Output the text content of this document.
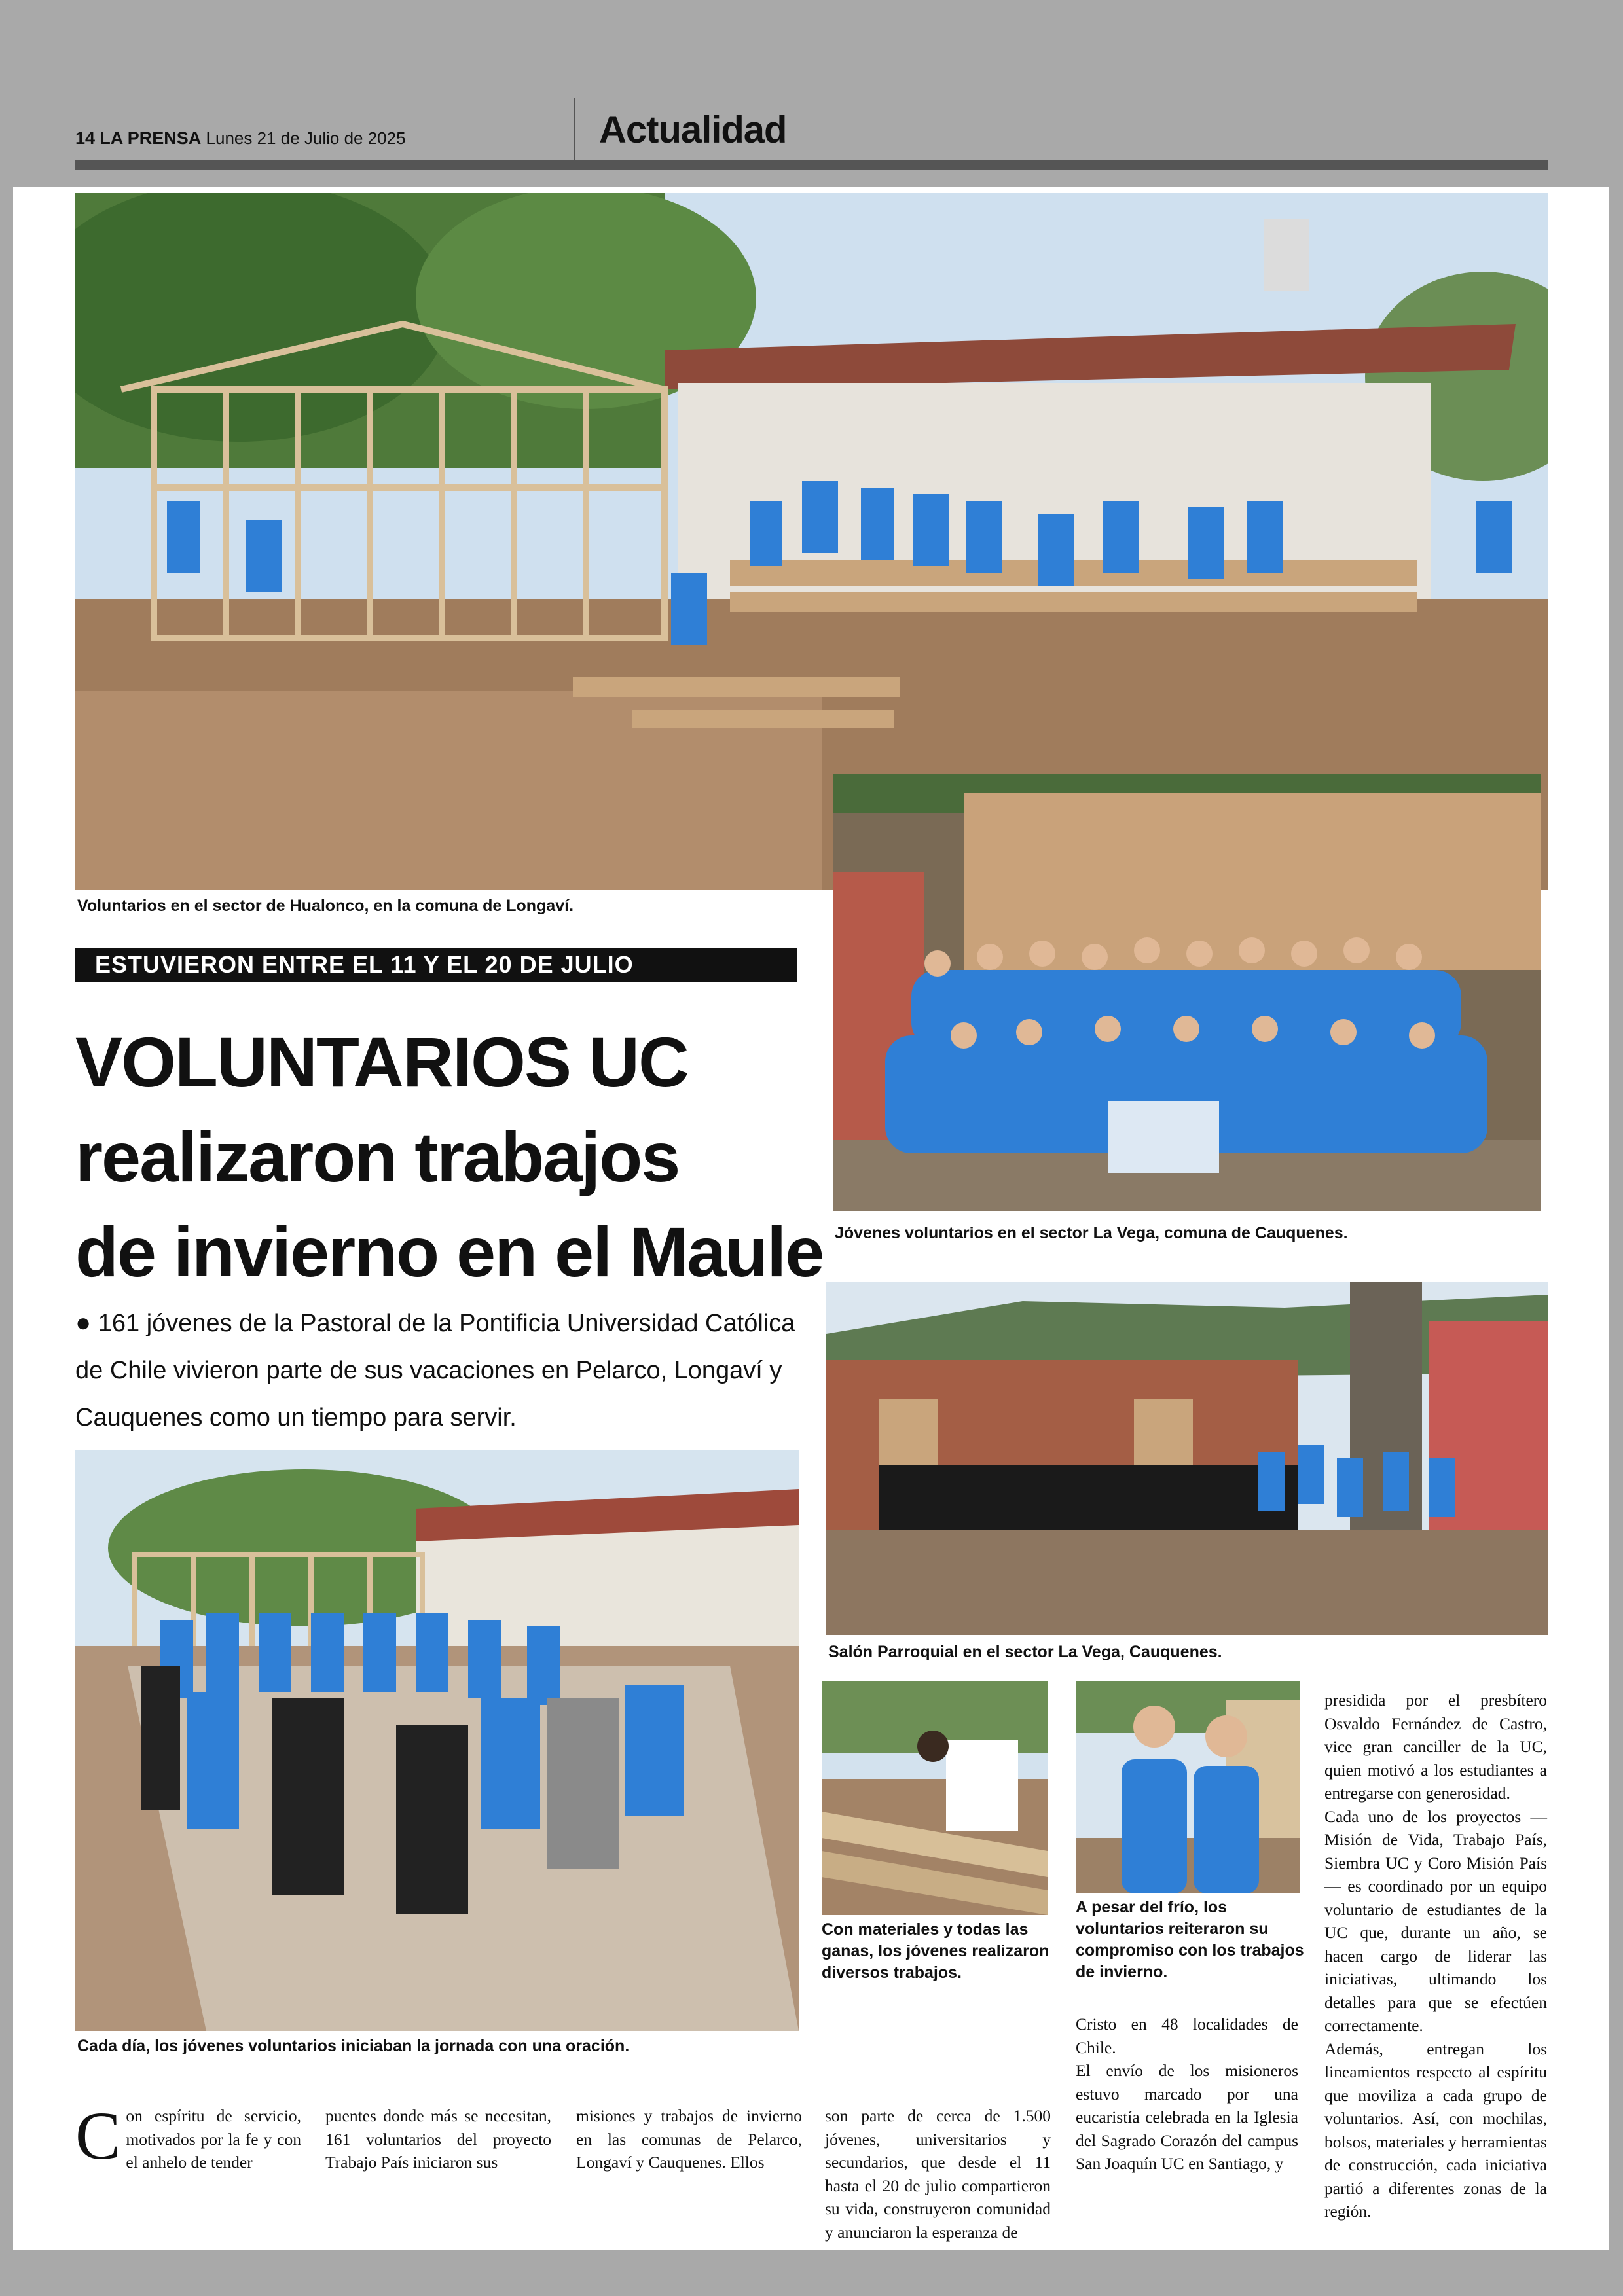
14 LA PRENSA Lunes 21 de Julio de 2025	Actualidad
Voluntarios en el sector de Hualonco, en la comuna de Longaví.
Jóvenes voluntarios en el sector La Vega, comuna de Cauquenes.
Salón Parroquial en el sector La Vega, Cauquenes.
ESTUVIERON ENTRE EL 11 Y EL 20 DE JULIO
VOLUNTARIOS UC
realizaron trabajos
de invierno en el Maule
● 161 jóvenes de la Pastoral de la Pontificia Universidad Católica de Chile vivieron parte de sus vacaciones en Pelarco, Longaví y Cauquenes como un tiempo para servir.
Cada día, los jóvenes voluntarios iniciaban la jornada con una oración.
Con materiales y todas las ganas, los jóvenes realizaron diversos trabajos.
A pesar del frío, los voluntarios reiteraron su compromiso con los trabajos de invierno.
Con espíritu de servicio, motivados por la fe y con el anhelo de tender
puentes donde más se necesitan, 161 voluntarios del proyecto Trabajo País iniciaron sus
misiones y trabajos de invierno en las comunas de Pelarco, Longaví y Cauquenes. Ellos
son parte de cerca de 1.500 jóvenes, universitarios y secundarios, que desde el 11 hasta el 20 de julio compartieron su vida, construyeron comunidad y anunciaron la esperanza de

Cristo en 48 localidades de Chile.

El envío de los misioneros estuvo marcado por una eucaristía celebrada en la Iglesia del Sagrado Corazón del campus San Joaquín UC en Santiago, y

presidida por el presbítero Osvaldo Fernández de Castro, vice gran canciller de la UC, quien motivó a los estudiantes a entregarse con generosidad.

Cada uno de los proyectos — Misión de Vida, Trabajo País, Siembra UC y Coro Misión País— es coordinado por un equipo voluntario de estudiantes de la UC que, durante un año, se hacen cargo de liderar las iniciativas, ultimando los detalles para que se efectúen correctamente.

Además, entregan los lineamientos respecto al espíritu que moviliza a cada grupo de voluntarios. Así, con mochilas, bolsos, materiales y herramientas de construcción, cada iniciativa partió a diferentes zonas de la región.
